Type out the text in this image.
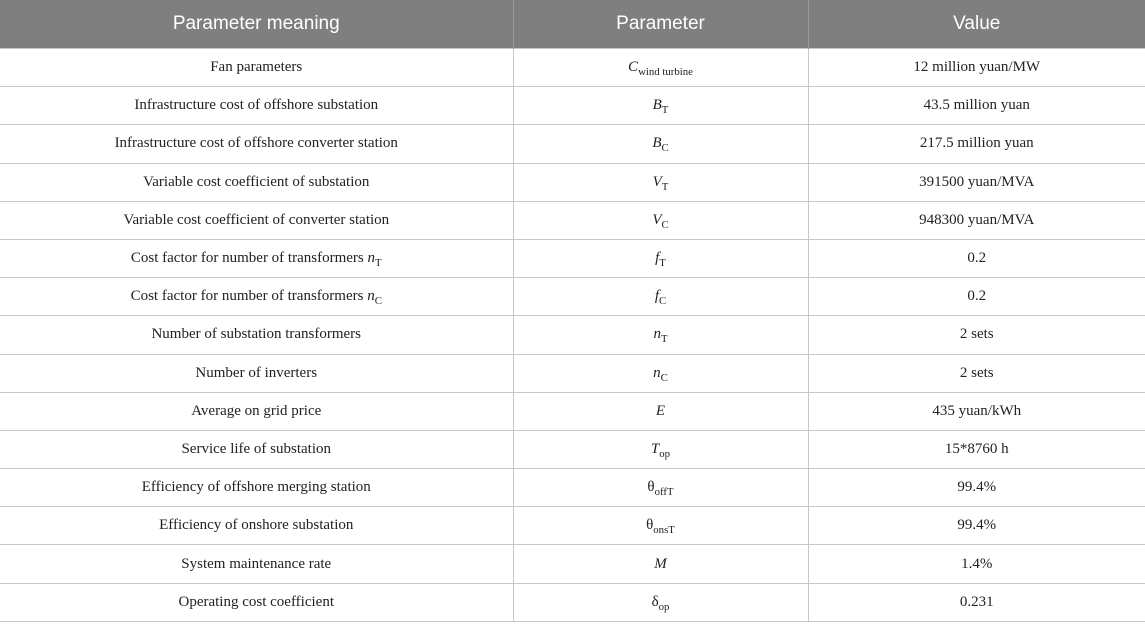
Parameter meaning	Parameter	Value
Fan parameters	$C_{wind turbine}$	12 million yuan/MW
Infrastructure cost of offshore substation	$B_T$	43.5 million yuan
Infrastructure cost of offshore converter station	$B_C$	217.5 million yuan
Variable cost coefficient of substation	$V_T$	391500 yuan/MVA
Variable cost coefficient of converter station	$V_C$	948300 yuan/MVA
Cost factor for number of transformers $n_T$	$f_T$	0.2
Cost factor for number of transformers $n_C$	$f_C$	0.2
Number of substation transformers	$n_T$	2 sets
Number of inverters	$n_C$	2 sets
Average on grid price	E	435 yuan/kWh
Service life of substation	$T_{op}$	15*8760 h
Efficiency of offshore merging station	$\theta_{offT}$	99.4%
Efficiency of onshore substation	$\theta_{onsT}$	99.4%
System maintenance rate	M	1.4%
Operating cost coefficient	$\delta_{op}$	0.231
